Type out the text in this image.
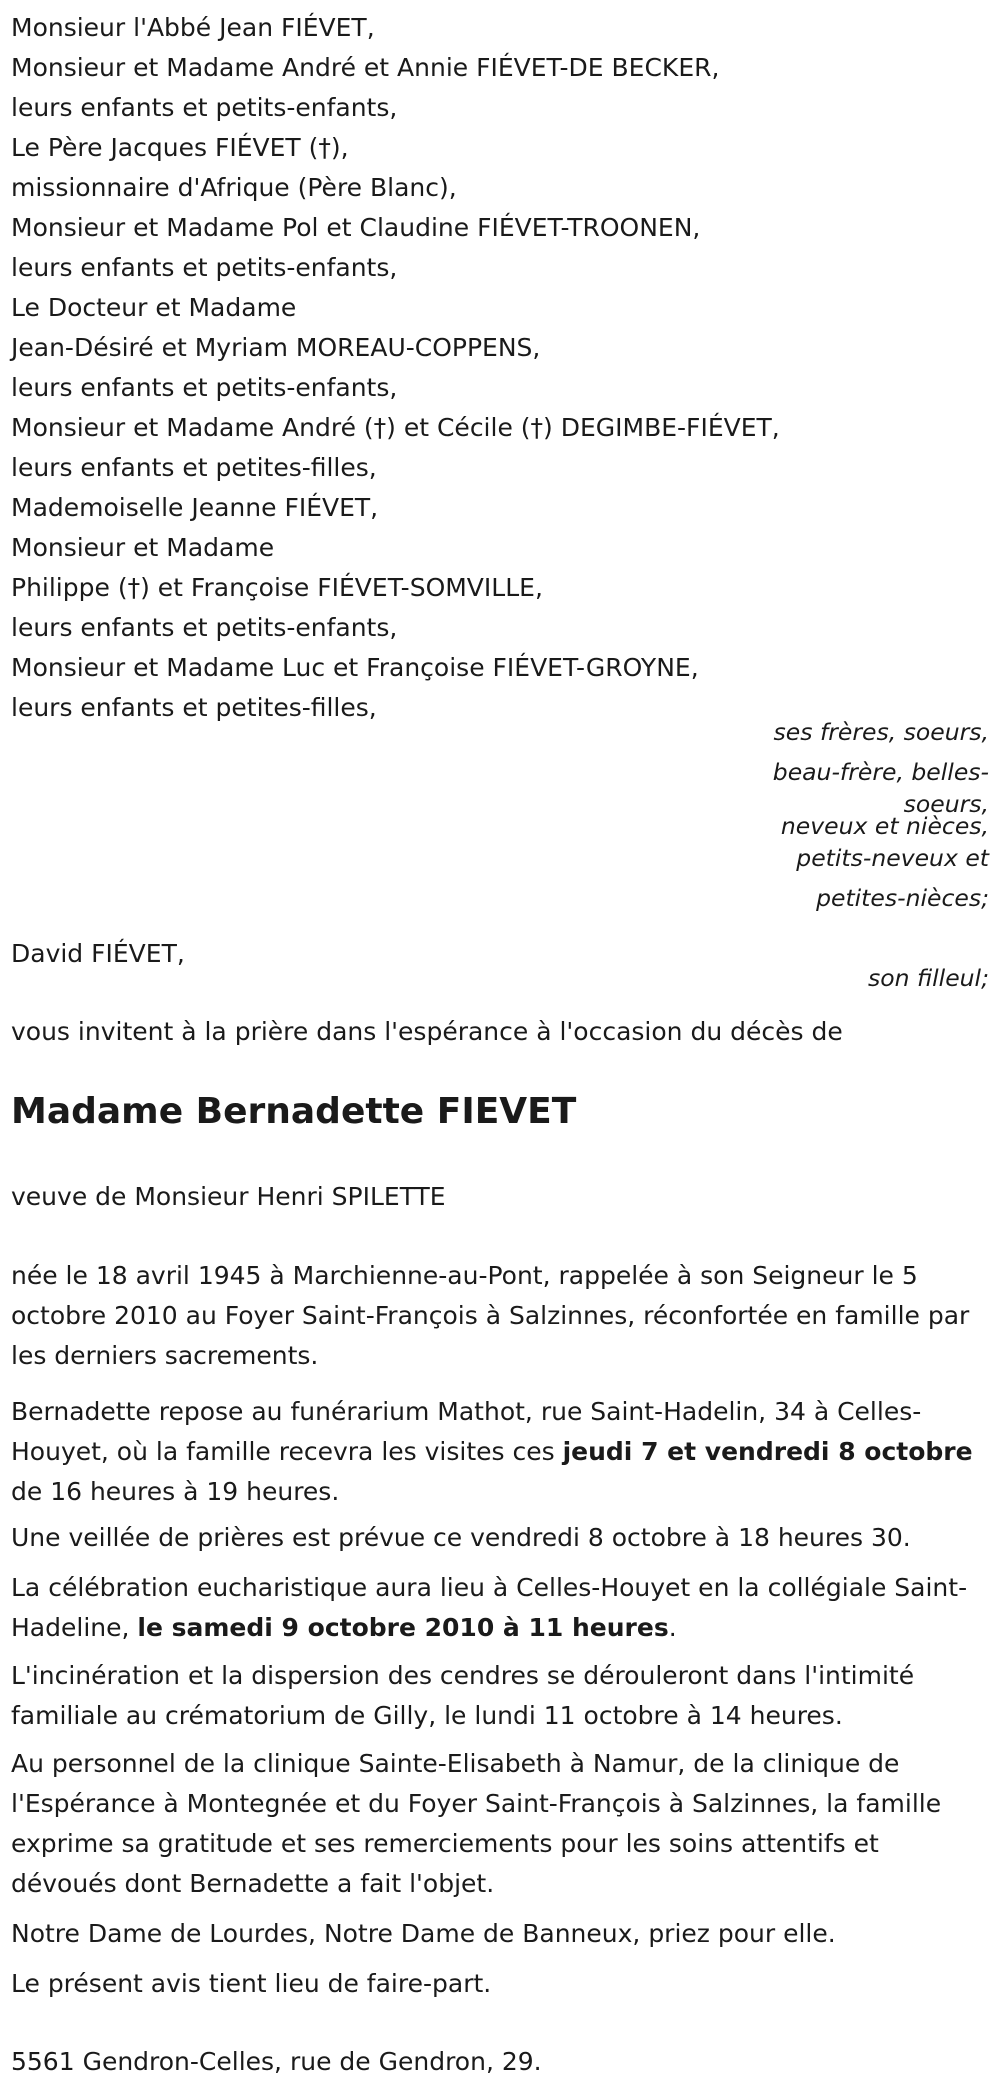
Monsieur l'Abbé Jean FIÉVET,
Monsieur et Madame André et Annie FIÉVET-DE BECKER,
leurs enfants et petits-enfants,
Le Père Jacques FIÉVET (†),
missionnaire d'Afrique (Père Blanc),
Monsieur et Madame Pol et Claudine FIÉVET-TROONEN,
leurs enfants et petits-enfants,
Le Docteur et Madame
Jean-Désiré et Myriam MOREAU-COPPENS,
leurs enfants et petits-enfants,
Monsieur et Madame André (†) et Cécile (†) DEGIMBE-FIÉVET,
leurs enfants et petites-filles,
Mademoiselle Jeanne FIÉVET,
Monsieur et Madame
Philippe (†) et Françoise FIÉVET-SOMVILLE,
leurs enfants et petits-enfants,
Monsieur et Madame Luc et Françoise FIÉVET-GROYNE,
leurs enfants et petites-filles,
ses frères, soeurs,
beau-frère, belles-
soeurs,
neveux et nièces,
petits-neveux et
petites-nièces;
David FIÉVET,
son filleul;
vous invitent à la prière dans l'espérance à l'occasion du décès de
Madame Bernadette FIEVET
veuve de Monsieur Henri SPILETTE
née le 18 avril 1945 à Marchienne-au-Pont, rappelée à son Seigneur le 5 octobre 2010 au Foyer Saint-François à Salzinnes, réconfortée en famille par les derniers sacrements.
Bernadette repose au funérarium Mathot, rue Saint-Hadelin, 34 à Celles-Houyet, où la famille recevra les visites ces jeudi 7 et vendredi 8 octobre de 16 heures à 19 heures.
Une veillée de prières est prévue ce vendredi 8 octobre à 18 heures 30.
La célébration eucharistique aura lieu à Celles-Houyet en la collégiale Saint-Hadeline, le samedi 9 octobre 2010 à 11 heures.
L'incinération et la dispersion des cendres se dérouleront dans l'intimité familiale au crématorium de Gilly, le lundi 11 octobre à 14 heures.
Au personnel de la clinique Sainte-Elisabeth à Namur, de la clinique de l'Espérance à Montegnée et du Foyer Saint-François à Salzinnes, la famille exprime sa gratitude et ses remerciements pour les soins attentifs et dévoués dont Bernadette a fait l'objet.
Notre Dame de Lourdes, Notre Dame de Banneux, priez pour elle.
Le présent avis tient lieu de faire-part.
5561 Gendron-Celles, rue de Gendron, 29.
